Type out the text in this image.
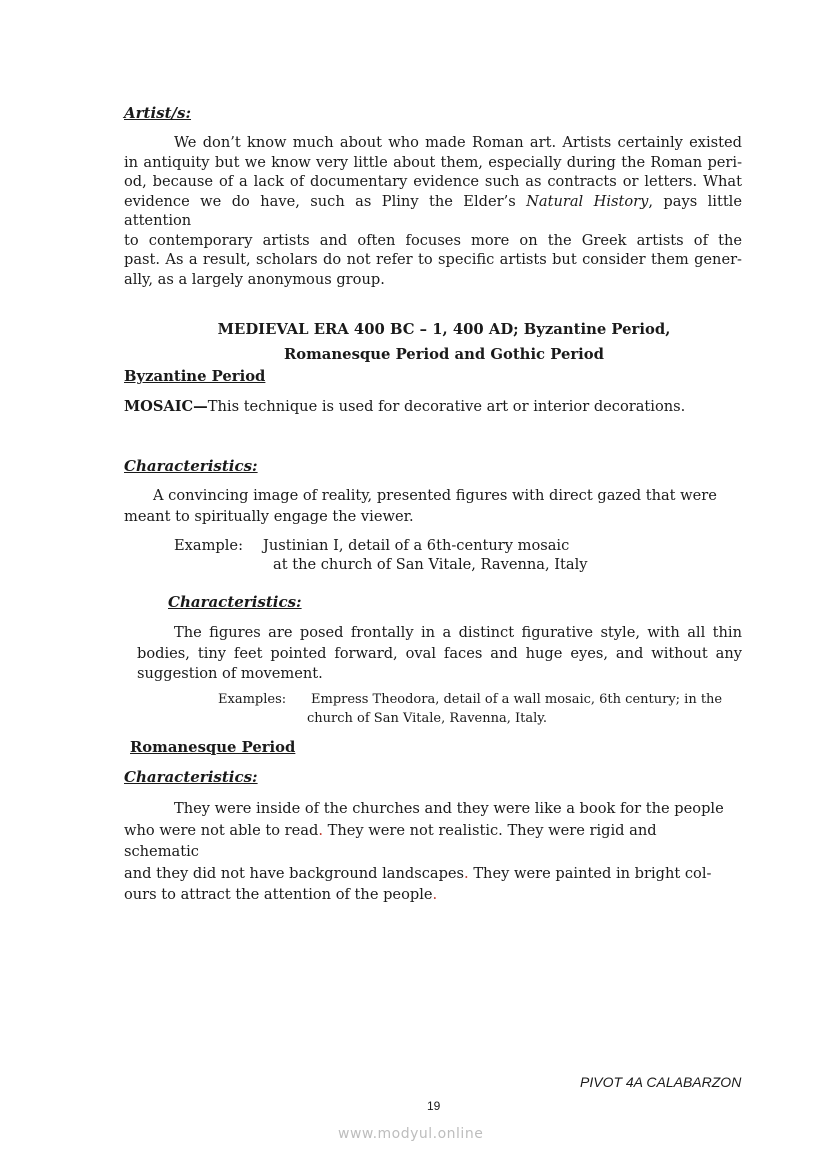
Artist/s:

We don’t know much about who made Roman art. Artists certainly existed

in antiquity but we know very little about them, especially during the Roman peri-

od, because of a lack of documentary evidence such as contracts or letters. What

evidence we do have, such as Pliny the Elder’s Natural History, pays little attention

to contemporary artists and often focuses more on the Greek artists of the

past. As a result, scholars do not refer to specific artists but consider them gener-

ally, as a largely anonymous group.

MEDIEVAL ERA 400 BC – 1, 400 AD; Byzantine Period,
Romanesque Period and Gothic Period
Byzantine Period
MOSAIC—This technique is used for decorative art or interior decorations.
Characteristics:

A convincing image of reality, presented figures with direct gazed that were

meant to spiritually engage the viewer.

Example: Justinian I, detail of a 6th-century mosaic
at the church of San Vitale, Ravenna, Italy
Characteristics:

The figures are posed frontally in a distinct figurative style, with all thin

bodies, tiny feet pointed forward, oval faces and huge eyes, and without any

suggestion of movement.

Examples: Empress Theodora, detail of a wall mosaic, 6th century; in the
church of San Vitale, Ravenna, Italy.
Romanesque Period
Characteristics:

They were inside of the churches and they were like a book for the people

who were not able to read. They were not realistic. They were rigid and schematic

and they did not have background landscapes. They were painted in bright col-

ours to attract the attention of the people.

PIVOT 4A CALABARZON
19
www.modyul.online
